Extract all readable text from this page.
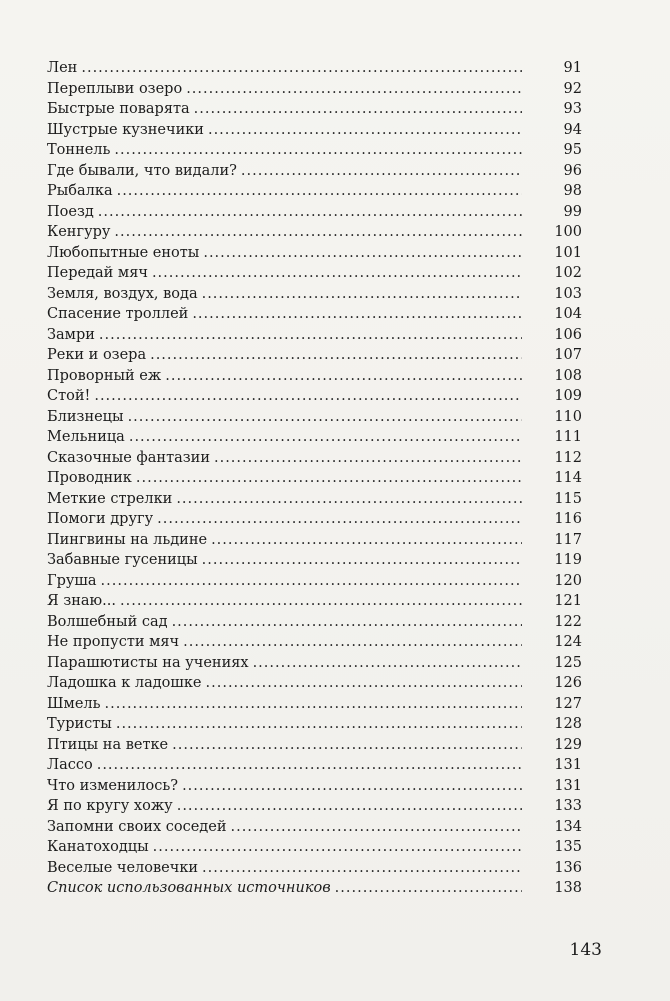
Лен .....	91
Переплыви озеро .....	92
Быстрые поварята .....	93
Шустрые кузнечики .....	94
Тоннель .....	95
Где бывали, что видали? .....	96
Рыбалка .....	98
Поезд .....	99
Кенгуру .....	100
Любопытные еноты .....	101
Передай мяч .....	102
Земля, воздух, вода .....	103
Спасение троллей .....	104
Замри .....	106
Реки и озера .....	107
Проворный еж .....	108
Стой! .....	109
Близнецы .....	110
Мельница .....	111
Сказочные фантазии .....	112
Проводник .....	114
Меткие стрелки .....	115
Помоги другу .....	116
Пингвины на льдине .....	117
Забавные гусеницы .....	119
Груша .....	120
Я знаю... .....	121
Волшебный сад .....	122
Не пропусти мяч .....	124
Парашютисты на учениях .....	125
Ладошка к ладошке .....	126
Шмель .....	127
Туристы .....	128
Птицы на ветке .....	129
Лассо .....	131
Что изменилось? .....	131
Я по кругу хожу .....	133
Запомни своих соседей .....	134
Канатоходцы .....	135
Веселые человечки .....	136
Список использованных источников .....	138
143
